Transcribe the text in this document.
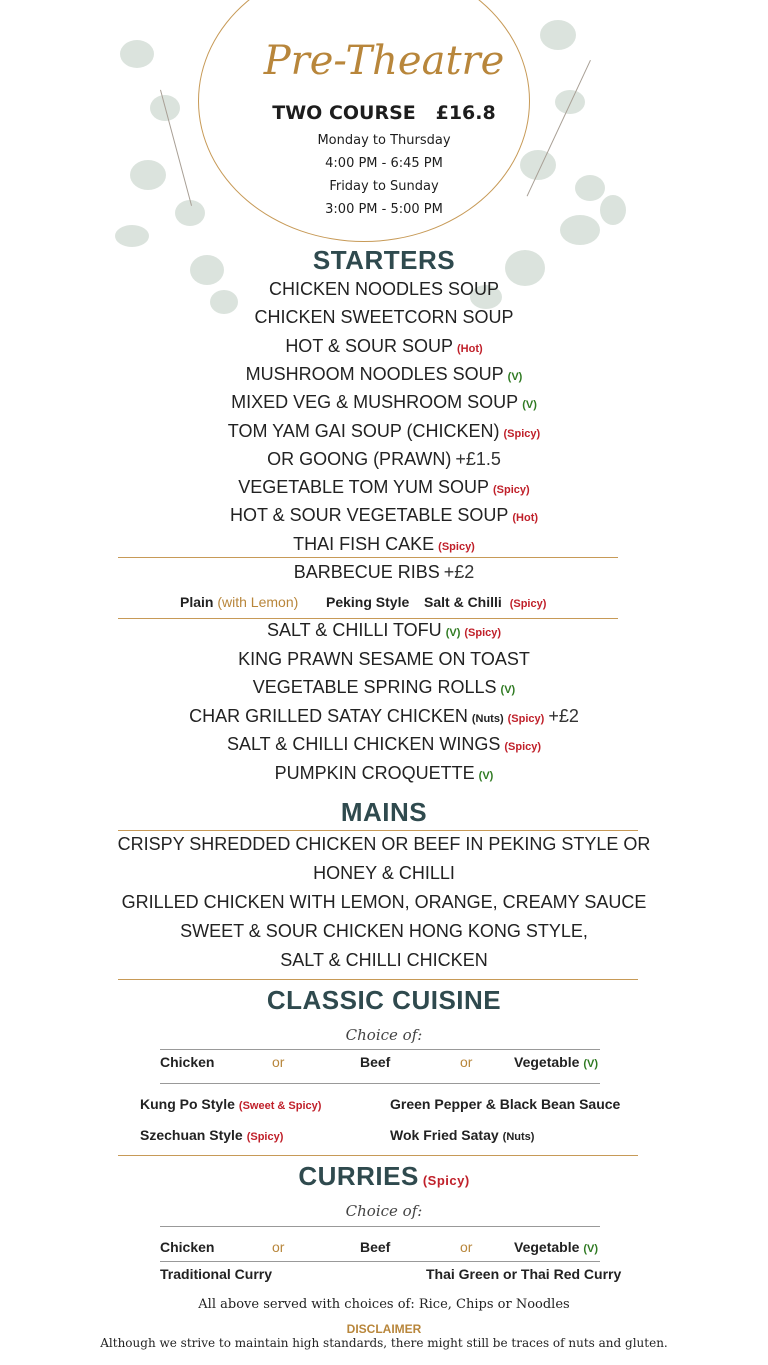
Pre-Theatre
TWO COURSE   £16.8
Monday to Thursday
4:00 PM - 6:45 PM
Friday to Sunday
3:00 PM - 5:00 PM
STARTERS
CHICKEN NOODLES SOUP
CHICKEN SWEETCORN SOUP
HOT & SOUR SOUP (Hot)
MUSHROOM NOODLES SOUP (V)
MIXED VEG & MUSHROOM SOUP (V)
TOM YAM GAI SOUP (CHICKEN) (Spicy)
OR GOONG (PRAWN) +£1.5
VEGETABLE TOM YUM SOUP (Spicy)
HOT & SOUR VEGETABLE SOUP (Hot)
THAI FISH CAKE (Spicy)
BARBECUE RIBS +£2
Plain (with Lemon) Peking Style Salt & Chilli (Spicy)
SALT & CHILLI TOFU (V) (Spicy)
KING PRAWN SESAME ON TOAST
VEGETABLE SPRING ROLLS (V)
CHAR GRILLED SATAY CHICKEN (Nuts) (Spicy) +£2
SALT & CHILLI CHICKEN WINGS (Spicy)
PUMPKIN CROQUETTE (V)
MAINS
CRISPY SHREDDED CHICKEN OR BEEF IN PEKING STYLE OR
HONEY & CHILLI
GRILLED CHICKEN WITH LEMON, ORANGE, CREAMY SAUCE
SWEET & SOUR CHICKEN HONG KONG STYLE,
SALT & CHILLI CHICKEN
CLASSIC CUISINE
Choice of:
Chicken	or	Beef	or	Vegetable (V)
Kung Po Style (Sweet & Spicy)	Green Pepper & Black Bean Sauce
Szechuan Style (Spicy)	Wok Fried Satay (Nuts)
CURRIES (Spicy)
Choice of:
Chicken	or	Beef	or	Vegetable (V)
Traditional Curry	Thai Green or Thai Red Curry
All above served with choices of: Rice, Chips or Noodles
DISCLAIMER
Although we strive to maintain high standards, there might still be traces of nuts and gluten.
